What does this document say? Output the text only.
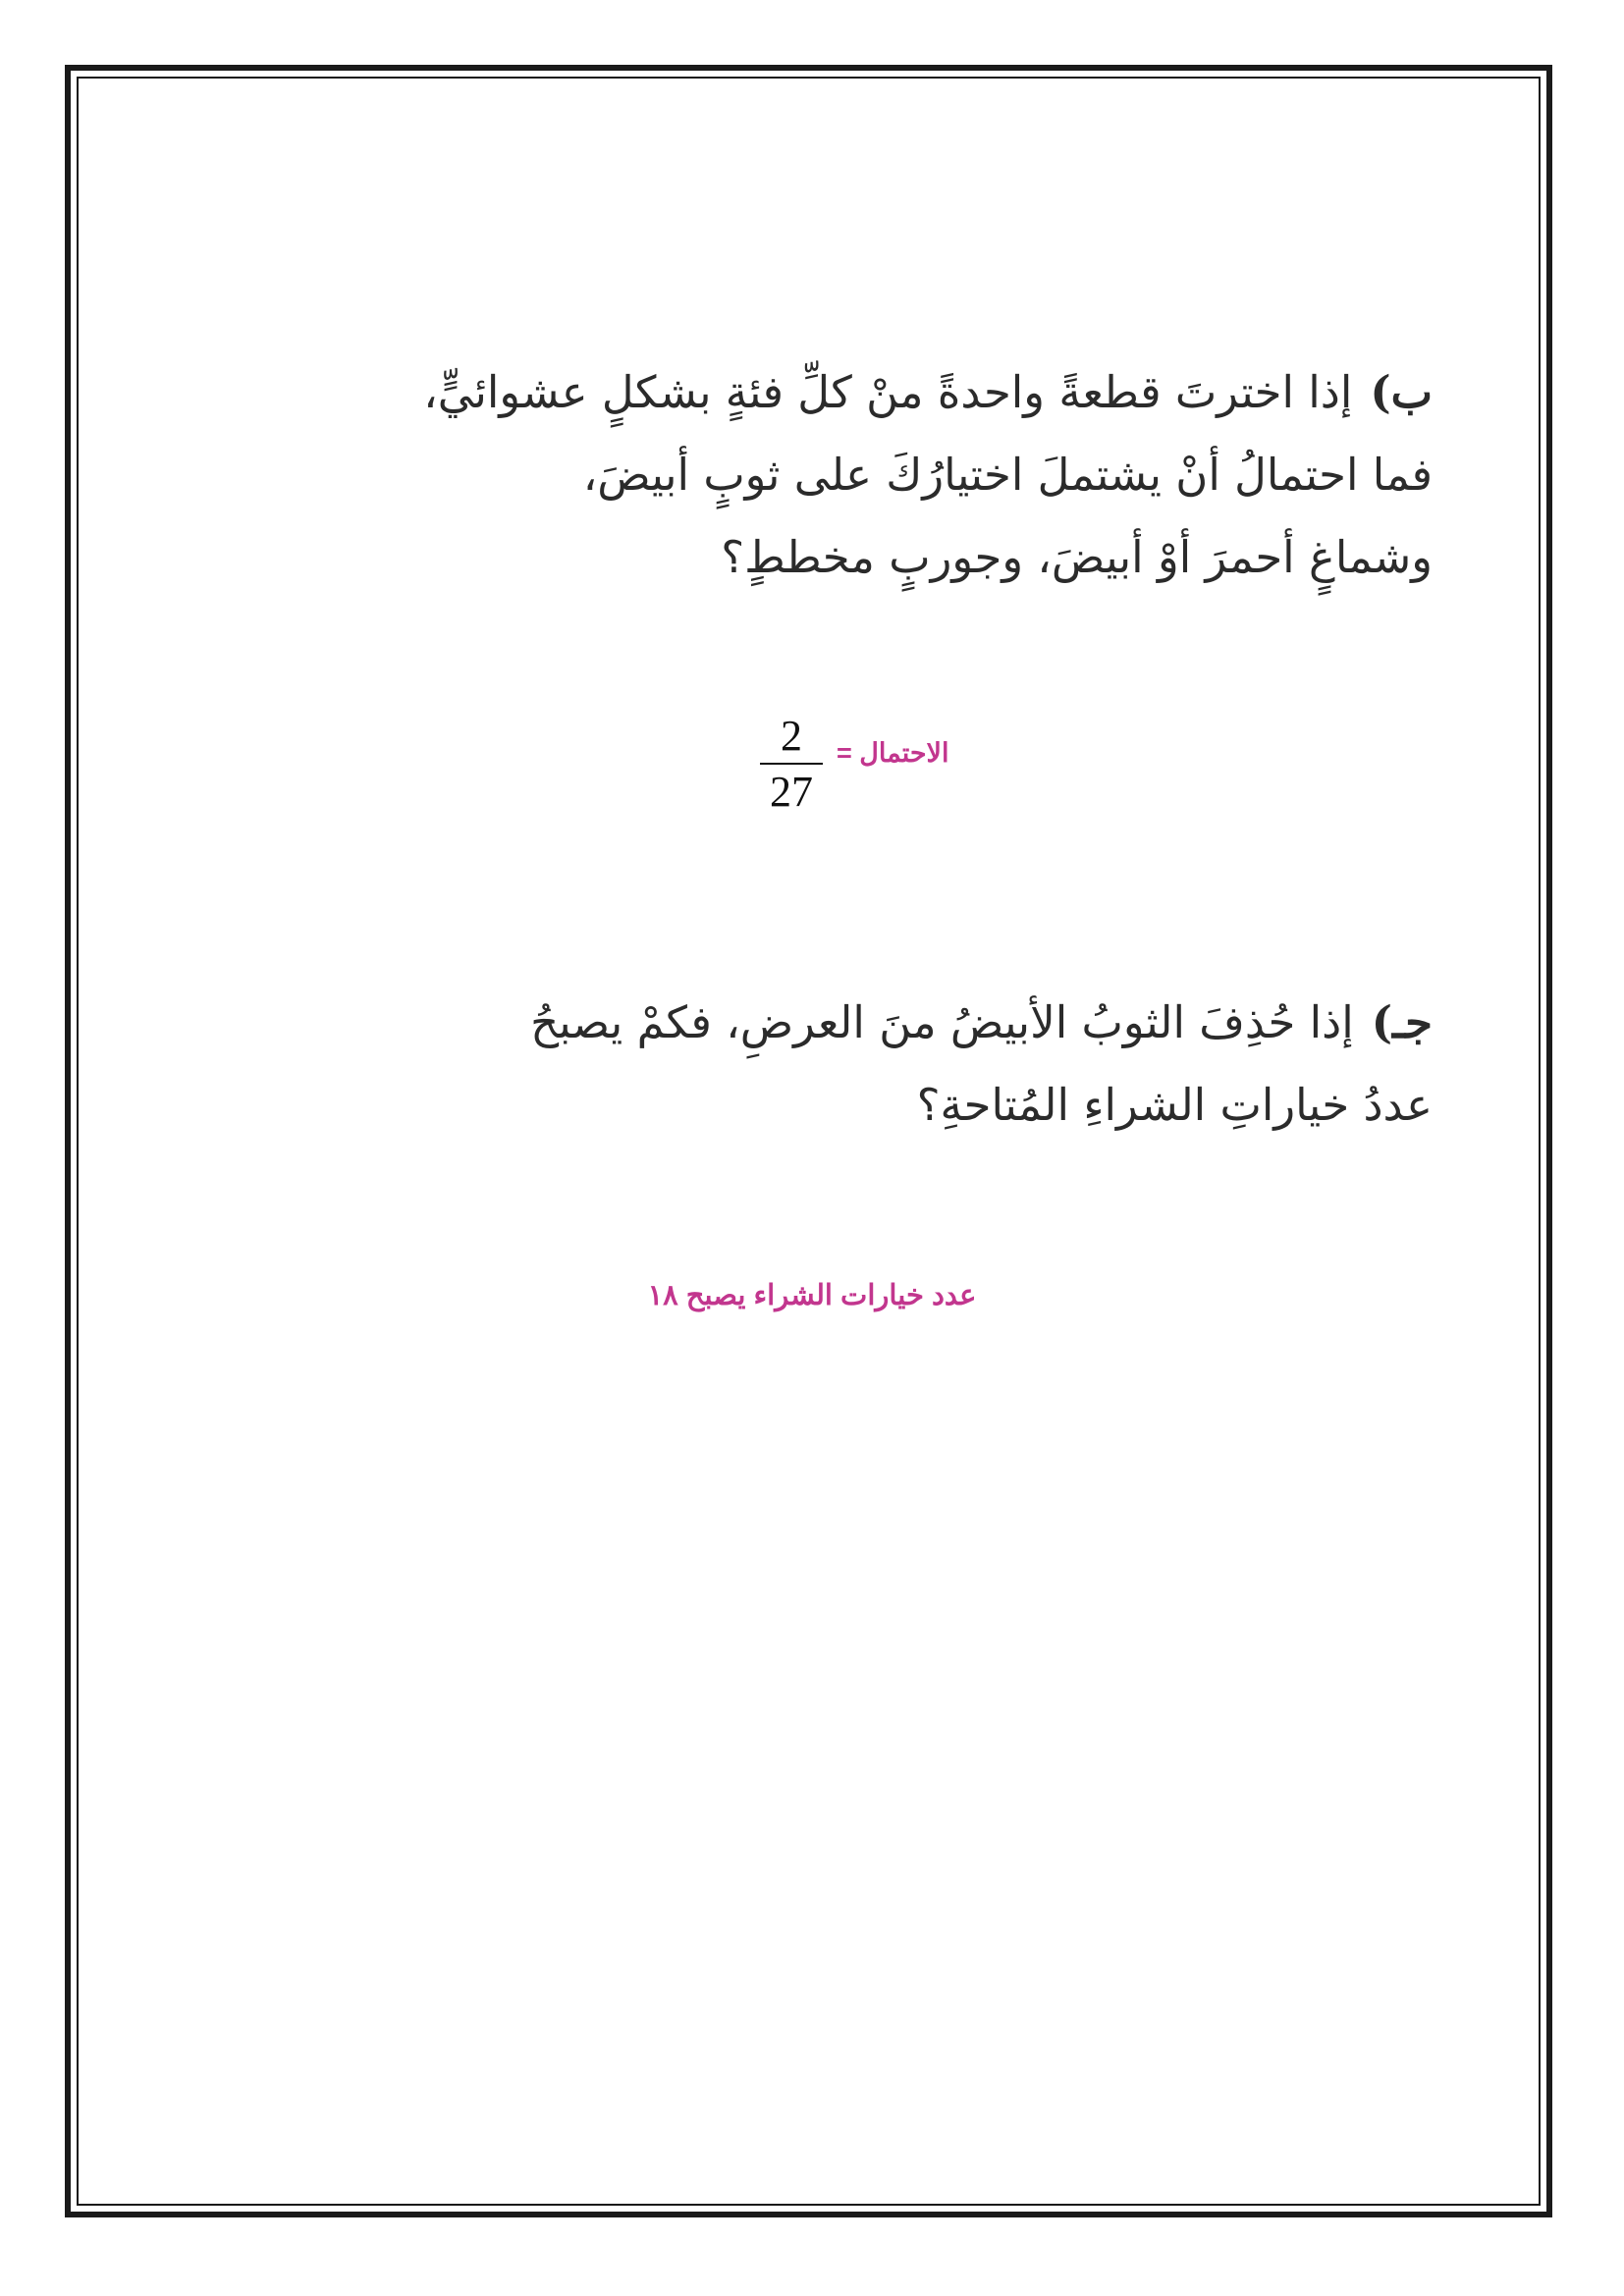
ب)إذا اخترتَ قطعةً واحدةً منْ كلِّ فئةٍ بشكلٍ عشوائيٍّ،
فما احتمالُ أنْ يشتملَ اختيارُكَ على ثوبٍ أبيضَ،
وشماغٍ أحمرَ أوْ أبيضَ، وجوربٍ مخططٍ؟
2
27
الاحتمال =
جـ)إذا حُذِفَ الثوبُ الأبيضُ منَ العرضِ، فكمْ يصبحُ
عددُ خياراتِ الشراءِ المُتاحةِ؟
عدد خيارات الشراء يصبح ١٨
